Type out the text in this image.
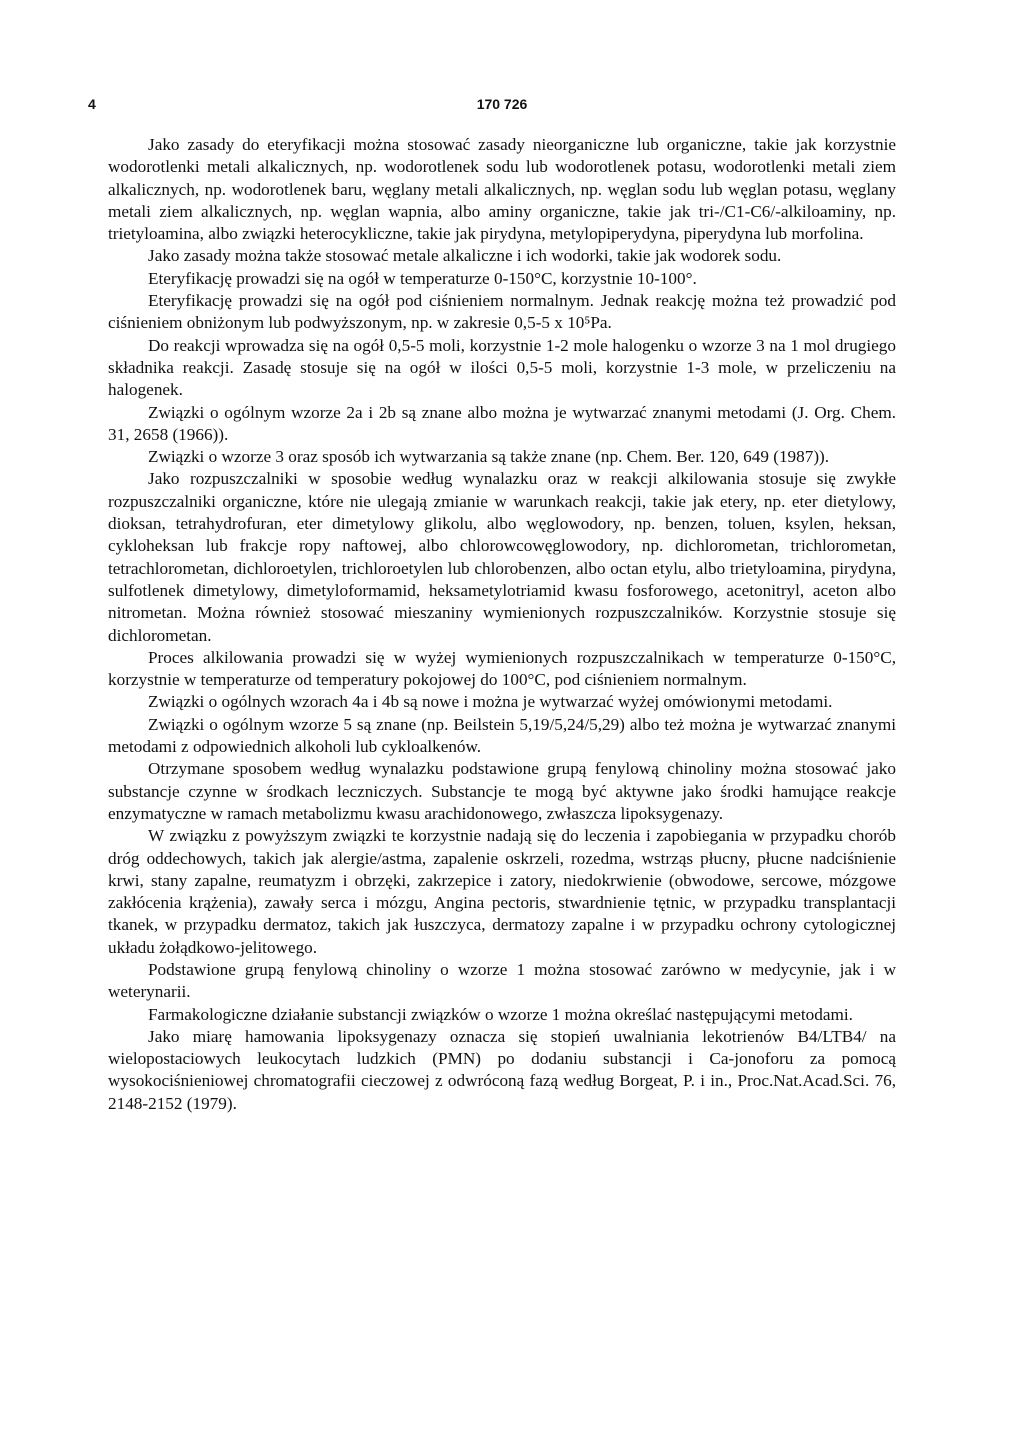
4	170 726

Jako zasady do eteryfikacji można stosować zasady nieorganiczne lub organiczne, takie jak korzystnie wodorotlenki metali alkalicznych, np. wodorotlenek sodu lub wodorotlenek potasu, wodorotlenki metali ziem alkalicznych, np. wodorotlenek baru, węglany metali alkalicznych, np. węglan sodu lub węglan potasu, węglany metali ziem alkalicznych, np. węglan wapnia, albo aminy organiczne, takie jak tri-/C1-C6/-alkiloaminy, np. trietyloamina, albo związki heterocykliczne, takie jak pirydyna, metylopiperydyna, piperydyna lub morfolina.

Jako zasady można także stosować metale alkaliczne i ich wodorki, takie jak wodorek sodu.

Eteryfikację prowadzi się na ogół w temperaturze 0-150°C, korzystnie 10-100°.

Eteryfikację prowadzi się na ogół pod ciśnieniem normalnym. Jednak reakcję można też prowadzić pod ciśnieniem obniżonym lub podwyższonym, np. w zakresie 0,5-5 x 10⁵Pa.

Do reakcji wprowadza się na ogół 0,5-5 moli, korzystnie 1-2 mole halogenku o wzorze 3 na 1 mol drugiego składnika reakcji. Zasadę stosuje się na ogół w ilości 0,5-5 moli, korzystnie 1-3 mole, w przeliczeniu na halogenek.

Związki o ogólnym wzorze 2a i 2b są znane albo można je wytwarzać znanymi metodami (J. Org. Chem. 31, 2658 (1966)).

Związki o wzorze 3 oraz sposób ich wytwarzania są także znane (np. Chem. Ber. 120, 649 (1987)).

Jako rozpuszczalniki w sposobie według wynalazku oraz w reakcji alkilowania stosuje się zwykłe rozpuszczalniki organiczne, które nie ulegają zmianie w warunkach reakcji, takie jak etery, np. eter dietylowy, dioksan, tetrahydrofuran, eter dimetylowy glikolu, albo węglowodory, np. benzen, toluen, ksylen, heksan, cykloheksan lub frakcje ropy naftowej, albo chlorowcowęglowodory, np. dichlorometan, trichlorometan, tetrachlorometan, dichloroetylen, trichloroetylen lub chlorobenzen, albo octan etylu, albo trietyloamina, pirydyna, sulfotlenek dimetylowy, dimetyloformamid, heksametylotriamid kwasu fosforowego, acetonitryl, aceton albo nitrometan. Można również stosować mieszaniny wymienionych rozpuszczalników. Korzystnie stosuje się dichlorometan.

Proces alkilowania prowadzi się w wyżej wymienionych rozpuszczalnikach w temperaturze 0-150°C, korzystnie w temperaturze od temperatury pokojowej do 100°C, pod ciśnieniem normalnym.

Związki o ogólnych wzorach 4a i 4b są nowe i można je wytwarzać wyżej omówionymi metodami.

Związki o ogólnym wzorze 5 są znane (np. Beilstein 5,19/5,24/5,29) albo też można je wytwarzać znanymi metodami z odpowiednich alkoholi lub cykloalkenów.

Otrzymane sposobem według wynalazku podstawione grupą fenylową chinoliny można stosować jako substancje czynne w środkach leczniczych. Substancje te mogą być aktywne jako środki hamujące reakcje enzymatyczne w ramach metabolizmu kwasu arachidonowego, zwłaszcza lipoksygenazy.

W związku z powyższym związki te korzystnie nadają się do leczenia i zapobiegania w przypadku chorób dróg oddechowych, takich jak alergie/astma, zapalenie oskrzeli, rozedma, wstrząs płucny, płucne nadciśnienie krwi, stany zapalne, reumatyzm i obrzęki, zakrzepice i zatory, niedokrwienie (obwodowe, sercowe, mózgowe zakłócenia krążenia), zawały serca i mózgu, Angina pectoris, stwardnienie tętnic, w przypadku transplantacji tkanek, w przypadku dermatoz, takich jak łuszczyca, dermatozy zapalne i w przypadku ochrony cytologicznej układu żołądkowo-jelitowego.

Podstawione grupą fenylową chinoliny o wzorze 1 można stosować zarówno w medycynie, jak i w weterynarii.

Farmakologiczne działanie substancji związków o wzorze 1 można określać następującymi metodami.

Jako miarę hamowania lipoksygenazy oznacza się stopień uwalniania lekotrienów B4/LTB4/ na wielopostaciowych leukocytach ludzkich (PMN) po dodaniu substancji i Ca-jonoforu za pomocą wysokociśnieniowej chromatografii cieczowej z odwróconą fazą według Borgeat, P. i in., Proc.Nat.Acad.Sci. 76, 2148-2152 (1979).
